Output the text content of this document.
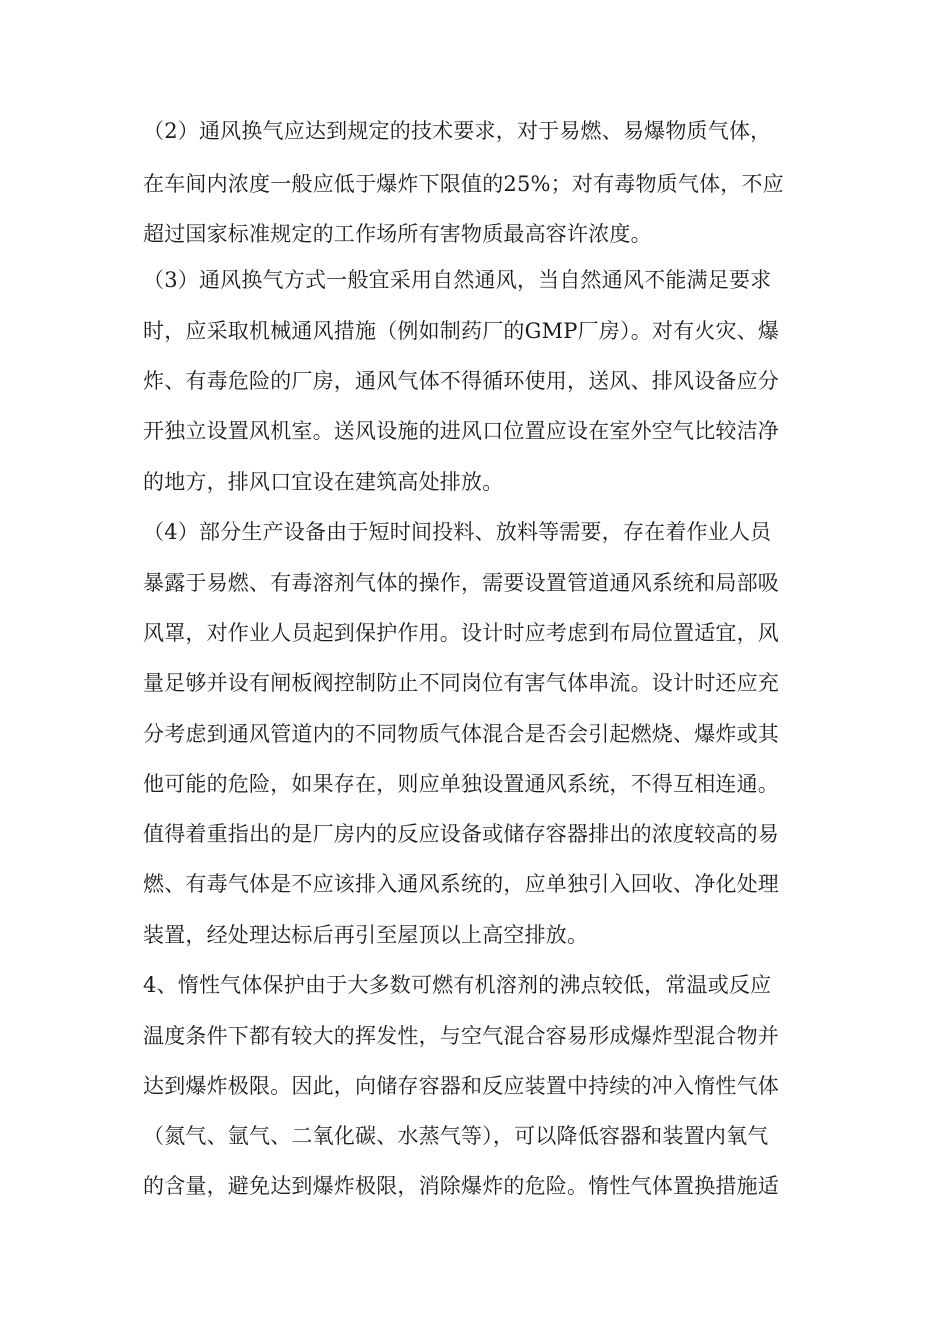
（2）通风换气应达到规定的技术要求，对于易燃、易爆物质气体，
在车间内浓度一般应低于爆炸下限值的25%；对有毒物质气体，不应
超过国家标准规定的工作场所有害物质最高容许浓度。
（3）通风换气方式一般宜采用自然通风，当自然通风不能满足要求
时，应采取机械通风措施（例如制药厂的GMP厂房）。对有火灾、爆
炸、有毒危险的厂房，通风气体不得循环使用，送风、排风设备应分
开独立设置风机室。送风设施的进风口位置应设在室外空气比较洁净
的地方，排风口宜设在建筑高处排放。
（4）部分生产设备由于短时间投料、放料等需要，存在着作业人员
暴露于易燃、有毒溶剂气体的操作，需要设置管道通风系统和局部吸
风罩，对作业人员起到保护作用。设计时应考虑到布局位置适宜，风
量足够并设有闸板阀控制防止不同岗位有害气体串流。设计时还应充
分考虑到通风管道内的不同物质气体混合是否会引起燃烧、爆炸或其
他可能的危险，如果存在，则应单独设置通风系统，不得互相连通。
值得着重指出的是厂房内的反应设备或储存容器排出的浓度较高的易
燃、有毒气体是不应该排入通风系统的，应单独引入回收、净化处理
装置，经处理达标后再引至屋顶以上高空排放。
4、惰性气体保护由于大多数可燃有机溶剂的沸点较低，常温或反应
温度条件下都有较大的挥发性，与空气混合容易形成爆炸型混合物并
达到爆炸极限。因此，向储存容器和反应装置中持续的冲入惰性气体
（氮气、氩气、二氧化碳、水蒸气等），可以降低容器和装置内氧气
的含量，避免达到爆炸极限，消除爆炸的危险。惰性气体置换措施适
